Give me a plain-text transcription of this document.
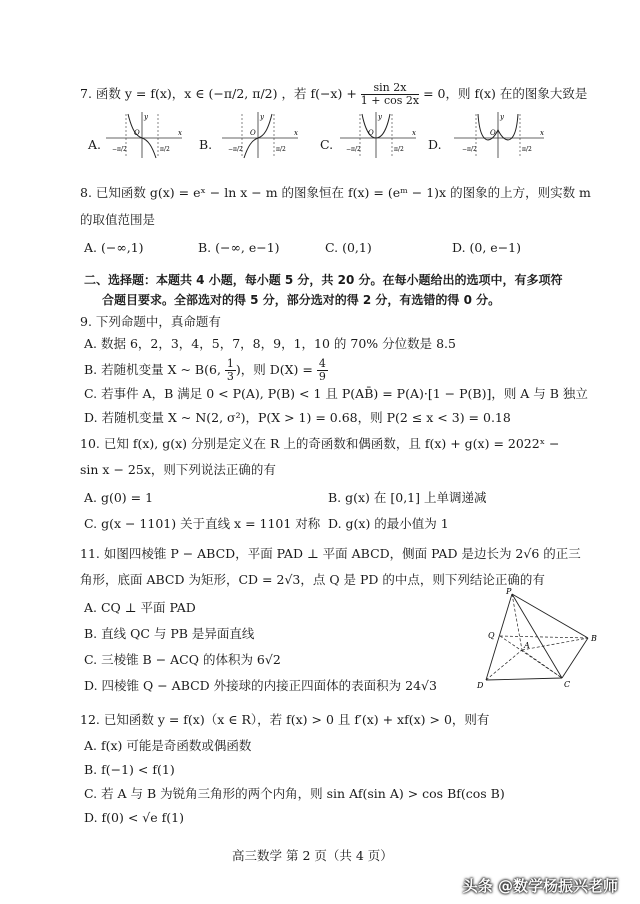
7. 函数 y = f(x)，x ∈ (−π/2, π/2) ，若 $f(-x) + \frac{\sin 2x}{1 + \cos 2x} = 0$，则 f(x) 在的图象大致是
A.	B.	C.	D.
y
x
O
−π/2	π/2
y
x
O
−π/2	π/2
y
x
O
−π/2	π/2
y
x
O
−π/2	π/2
8. 已知函数 g(x) = eˣ − ln x − m 的图象恒在 f(x) = (eᵐ − 1)x 的图象的上方，则实数 m
的取值范围是
A. (−∞,1)	B. (−∞, e−1)	C. (0,1)	D. (0, e−1)
二、选择题：本题共 4 小题，每小题 5 分，共 20 分。在每小题给出的选项中，有多项符
合题目要求。全部选对的得 5 分，部分选对的得 2 分，有选错的得 0 分。
9. 下列命题中，真命题有
A. 数据 6，2，3，4，5，7，8，9，1，10 的 70% 分位数是 8.5
B. 若随机变量 X ~ B(6, $\frac{1}{3}$ )，则 $D(X) = \frac{4}{9}$
C. 若事件 A，B 满足 0 < P(A), P(B) < 1 且 P(AB̄) = P(A)·[1 − P(B)]，则 A 与 B 独立
D. 若随机变量 X ~ N(2, σ²)，P(X > 1) = 0.68，则 P(2 ≤ x < 3) = 0.18
10. 已知 f(x), g(x) 分别是定义在 R 上的奇函数和偶函数，且 f(x) + g(x) = 2022ˣ −
sin x − 25x，则下列说法正确的有
A. g(0) = 1	B. g(x) 在 [0,1] 上单调递减
C. g(x − 1101) 关于直线 x = 1101 对称 D. g(x) 的最小值为 1
11. 如图四棱锥 P − ABCD，平面 PAD ⊥ 平面 ABCD，侧面 PAD 是边长为 2√6 的正三
角形，底面 ABCD 为矩形，CD = 2√3，点 Q 是 PD 的中点，则下列结论正确的有
A. CQ ⊥ 平面 PAD
B. 直线 QC 与 PB 是异面直线
C. 三棱锥 B − ACQ 的体积为 6√2
D. 四棱锥 Q − ABCD 外接球的内接正四面体的表面积为 24√3
P
Q
A
B
C
D
12. 已知函数 y = f(x)（x ∈ R），若 f(x) > 0 且 f′(x) + xf(x) > 0，则有
A. f(x) 可能是奇函数或偶函数
B. f(−1) < f(1)
C. 若 A 与 B 为锐角三角形的两个内角，则 sin Af(sin A) > cos Bf(cos B)
D. f(0) < √e f(1)
高三数学 第 2 页（共 4 页）
头条 @数学杨振兴老师
